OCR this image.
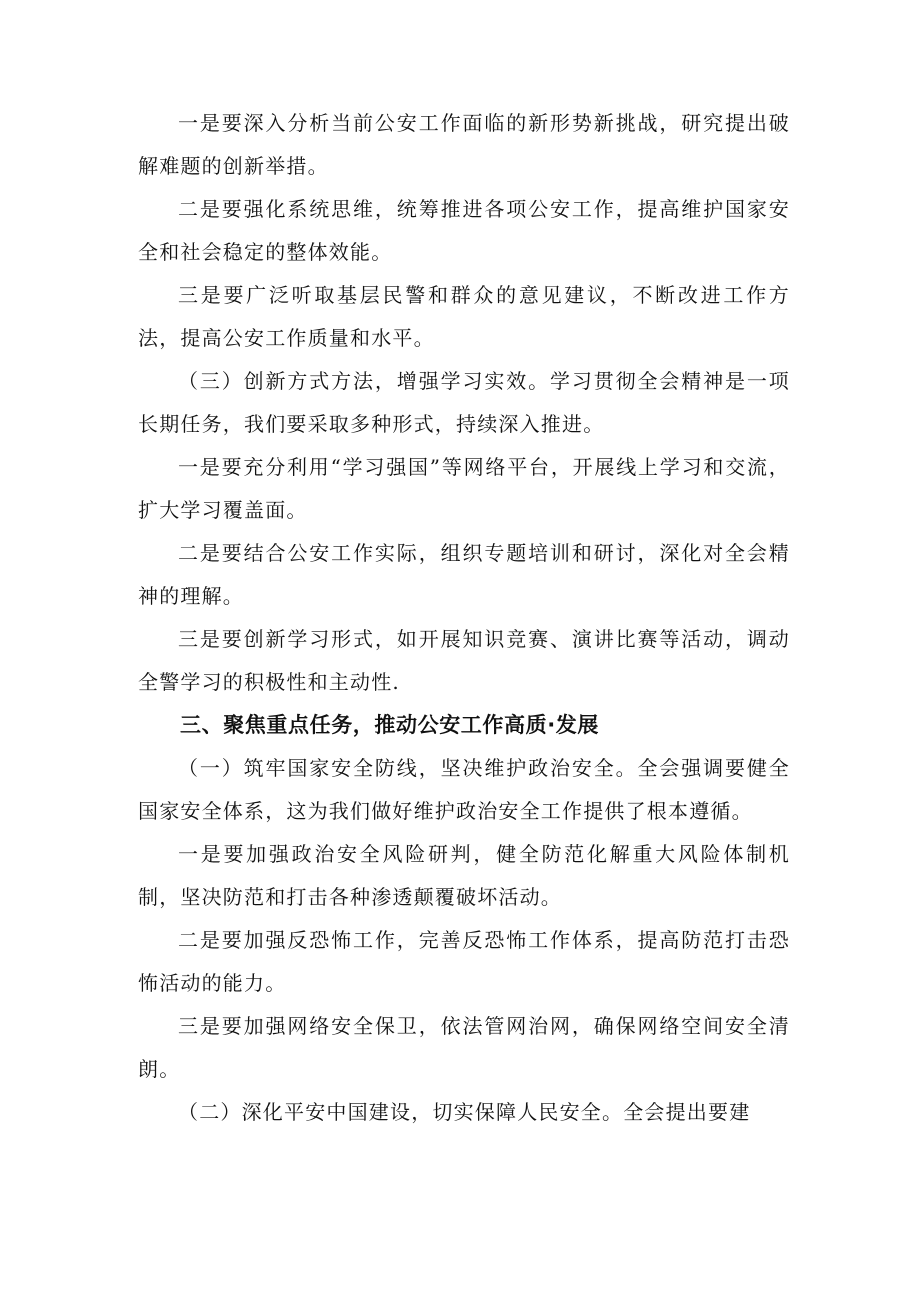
一是要深入分析当前公安工作面临的新形势新挑战，研究提出破解难题的创新举措。

二是要强化系统思维，统筹推进各项公安工作，提高维护国家安全和社会稳定的整体效能。

三是要广泛听取基层民警和群众的意见建议，不断改进工作方法，提高公安工作质量和水平。

（三）创新方式方法，增强学习实效。学习贯彻全会精神是一项长期任务，我们要采取多种形式，持续深入推进。

一是要充分利用“学习强国”等网络平台，开展线上学习和交流，扩大学习覆盖面。

二是要结合公安工作实际，组织专题培训和研讨，深化对全会精神的理解。

三是要创新学习形式，如开展知识竞赛、演讲比赛等活动，调动全警学习的积极性和主动性.

三、聚焦重点任务，推动公安工作高质·发展

（一）筑牢国家安全防线，坚决维护政治安全。全会强调要健全国家安全体系，这为我们做好维护政治安全工作提供了根本遵循。

一是要加强政治安全风险研判，健全防范化解重大风险体制机制，坚决防范和打击各种渗透颠覆破坏活动。

二是要加强反恐怖工作，完善反恐怖工作体系，提高防范打击恐怖活动的能力。

三是要加强网络安全保卫，依法管网治网，确保网络空间安全清朗。

（二）深化平安中国建设，切实保障人民安全。全会提出要建
